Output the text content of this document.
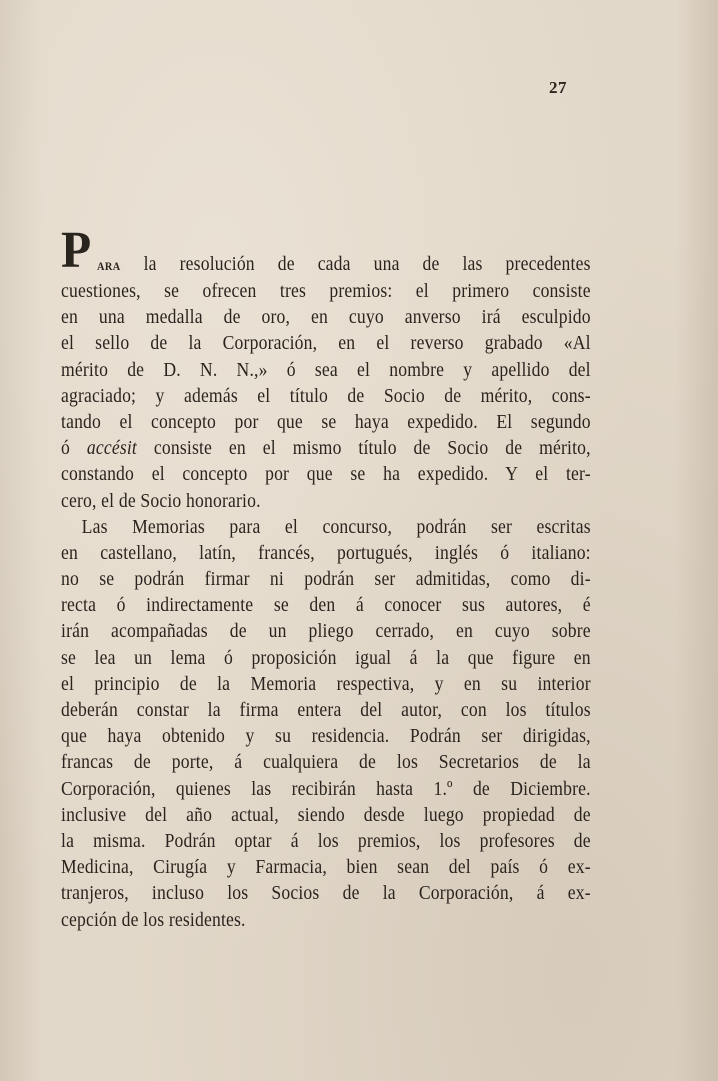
27
P ARA la resolución de cada una de las precedentes
cuestiones, se ofrecen tres premios: el primero consiste
en una medalla de oro, en cuyo anverso irá esculpido
el sello de la Corporación, en el reverso grabado «Al
mérito de D. N. N.,» ó sea el nombre y apellido del
agraciado; y además el título de Socio de mérito, cons-
tando el concepto por que se haya expedido. El segundo
ó accésit consiste en el mismo título de Socio de mérito,
constando el concepto por que se ha expedido. Y el ter-
cero, el de Socio honorario.
Las Memorias para el concurso, podrán ser escritas
en castellano, latín, francés, portugués, inglés ó italiano:
no se podrán firmar ni podrán ser admitidas, como di-
recta ó indirectamente se den á conocer sus autores, é
irán acompañadas de un pliego cerrado, en cuyo sobre
se lea un lema ó proposición igual á la que figure en
el principio de la Memoria respectiva, y en su interior
deberán constar la firma entera del autor, con los títulos
que haya obtenido y su residencia. Podrán ser dirigidas,
francas de porte, á cualquiera de los Secretarios de la
Corporación, quienes las recibirán hasta 1.º de Diciembre.
inclusive del año actual, siendo desde luego propiedad de
la misma. Podrán optar á los premios, los profesores de
Medicina, Cirugía y Farmacia, bien sean del país ó ex-
tranjeros, incluso los Socios de la Corporación, á ex-
cepción de los residentes.
